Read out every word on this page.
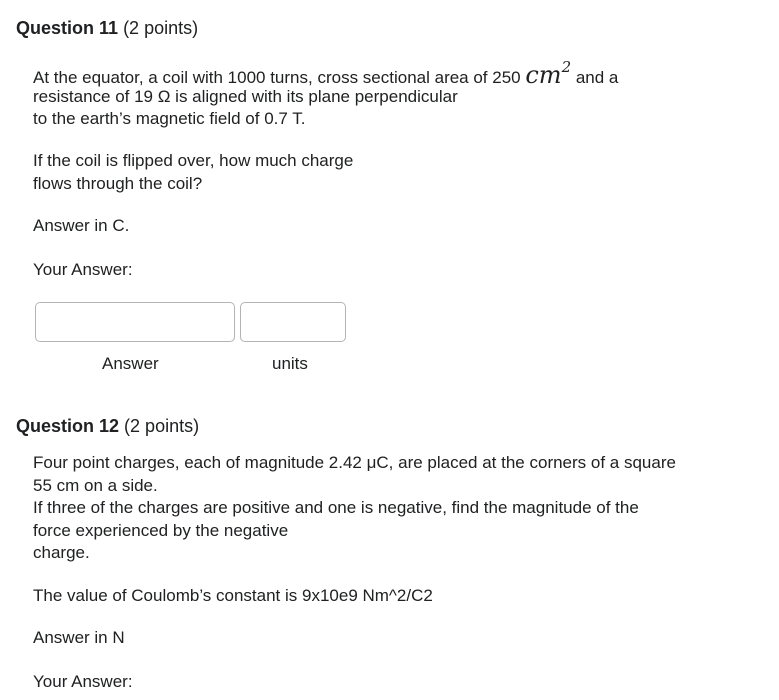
Question 11 (2 points)
At the equator, a coil with 1000 turns, cross sectional area of 250 $cm^2$ and a
resistance of 19 Ω is aligned with its plane perpendicular
to the earth’s magnetic field of 0.7 T.
If the coil is flipped over, how much charge
flows through the coil?
Answer in C.
Your Answer:
Answer	units
Question 12 (2 points)
Four point charges, each of magnitude 2.42 μC, are placed at the corners of a square
55 cm on a side.
If three of the charges are positive and one is negative, find the magnitude of the
force experienced by the negative
charge.
The value of Coulomb’s constant is 9x10e9 Nm^2/C2
Answer in N
Your Answer:
